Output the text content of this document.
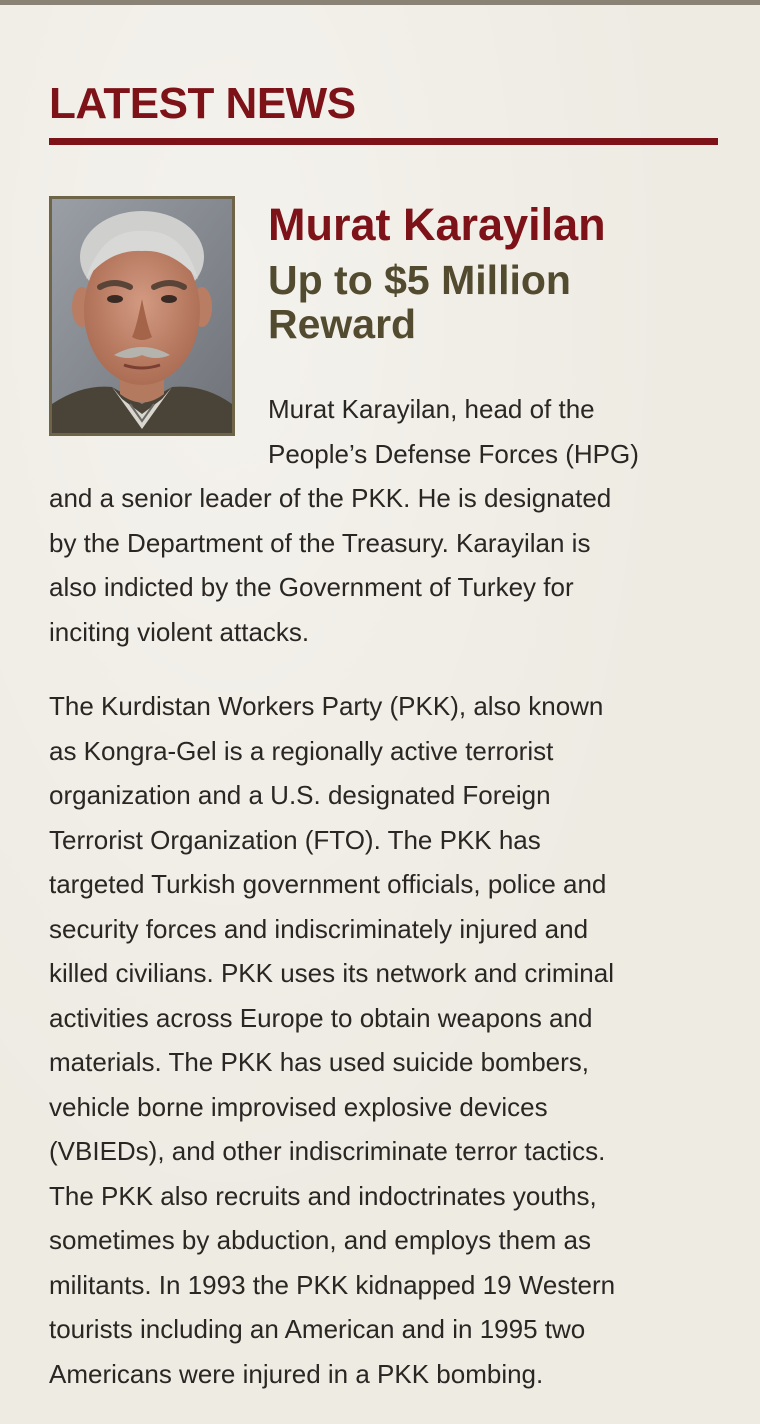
LATEST NEWS
Murat Karayilan
Up to $5 Million
Reward

Murat Karayilan, head of the
People’s Defense Forces (HPG)

and a senior leader of the PKK. He is designated
by the Department of the Treasury. Karayilan is
also indicted by the Government of Turkey for
inciting violent attacks.

The Kurdistan Workers Party (PKK), also known
as Kongra-Gel is a regionally active terrorist
organization and a U.S. designated Foreign
Terrorist Organization (FTO). The PKK has
targeted Turkish government officials, police and
security forces and indiscriminately injured and
killed civilians. PKK uses its network and criminal
activities across Europe to obtain weapons and
materials. The PKK has used suicide bombers,
vehicle borne improvised explosive devices
(VBIEDs), and other indiscriminate terror tactics.
The PKK also recruits and indoctrinates youths,
sometimes by abduction, and employs them as
militants. In 1993 the PKK kidnapped 19 Western
tourists including an American and in 1995 two
Americans were injured in a PKK bombing.
